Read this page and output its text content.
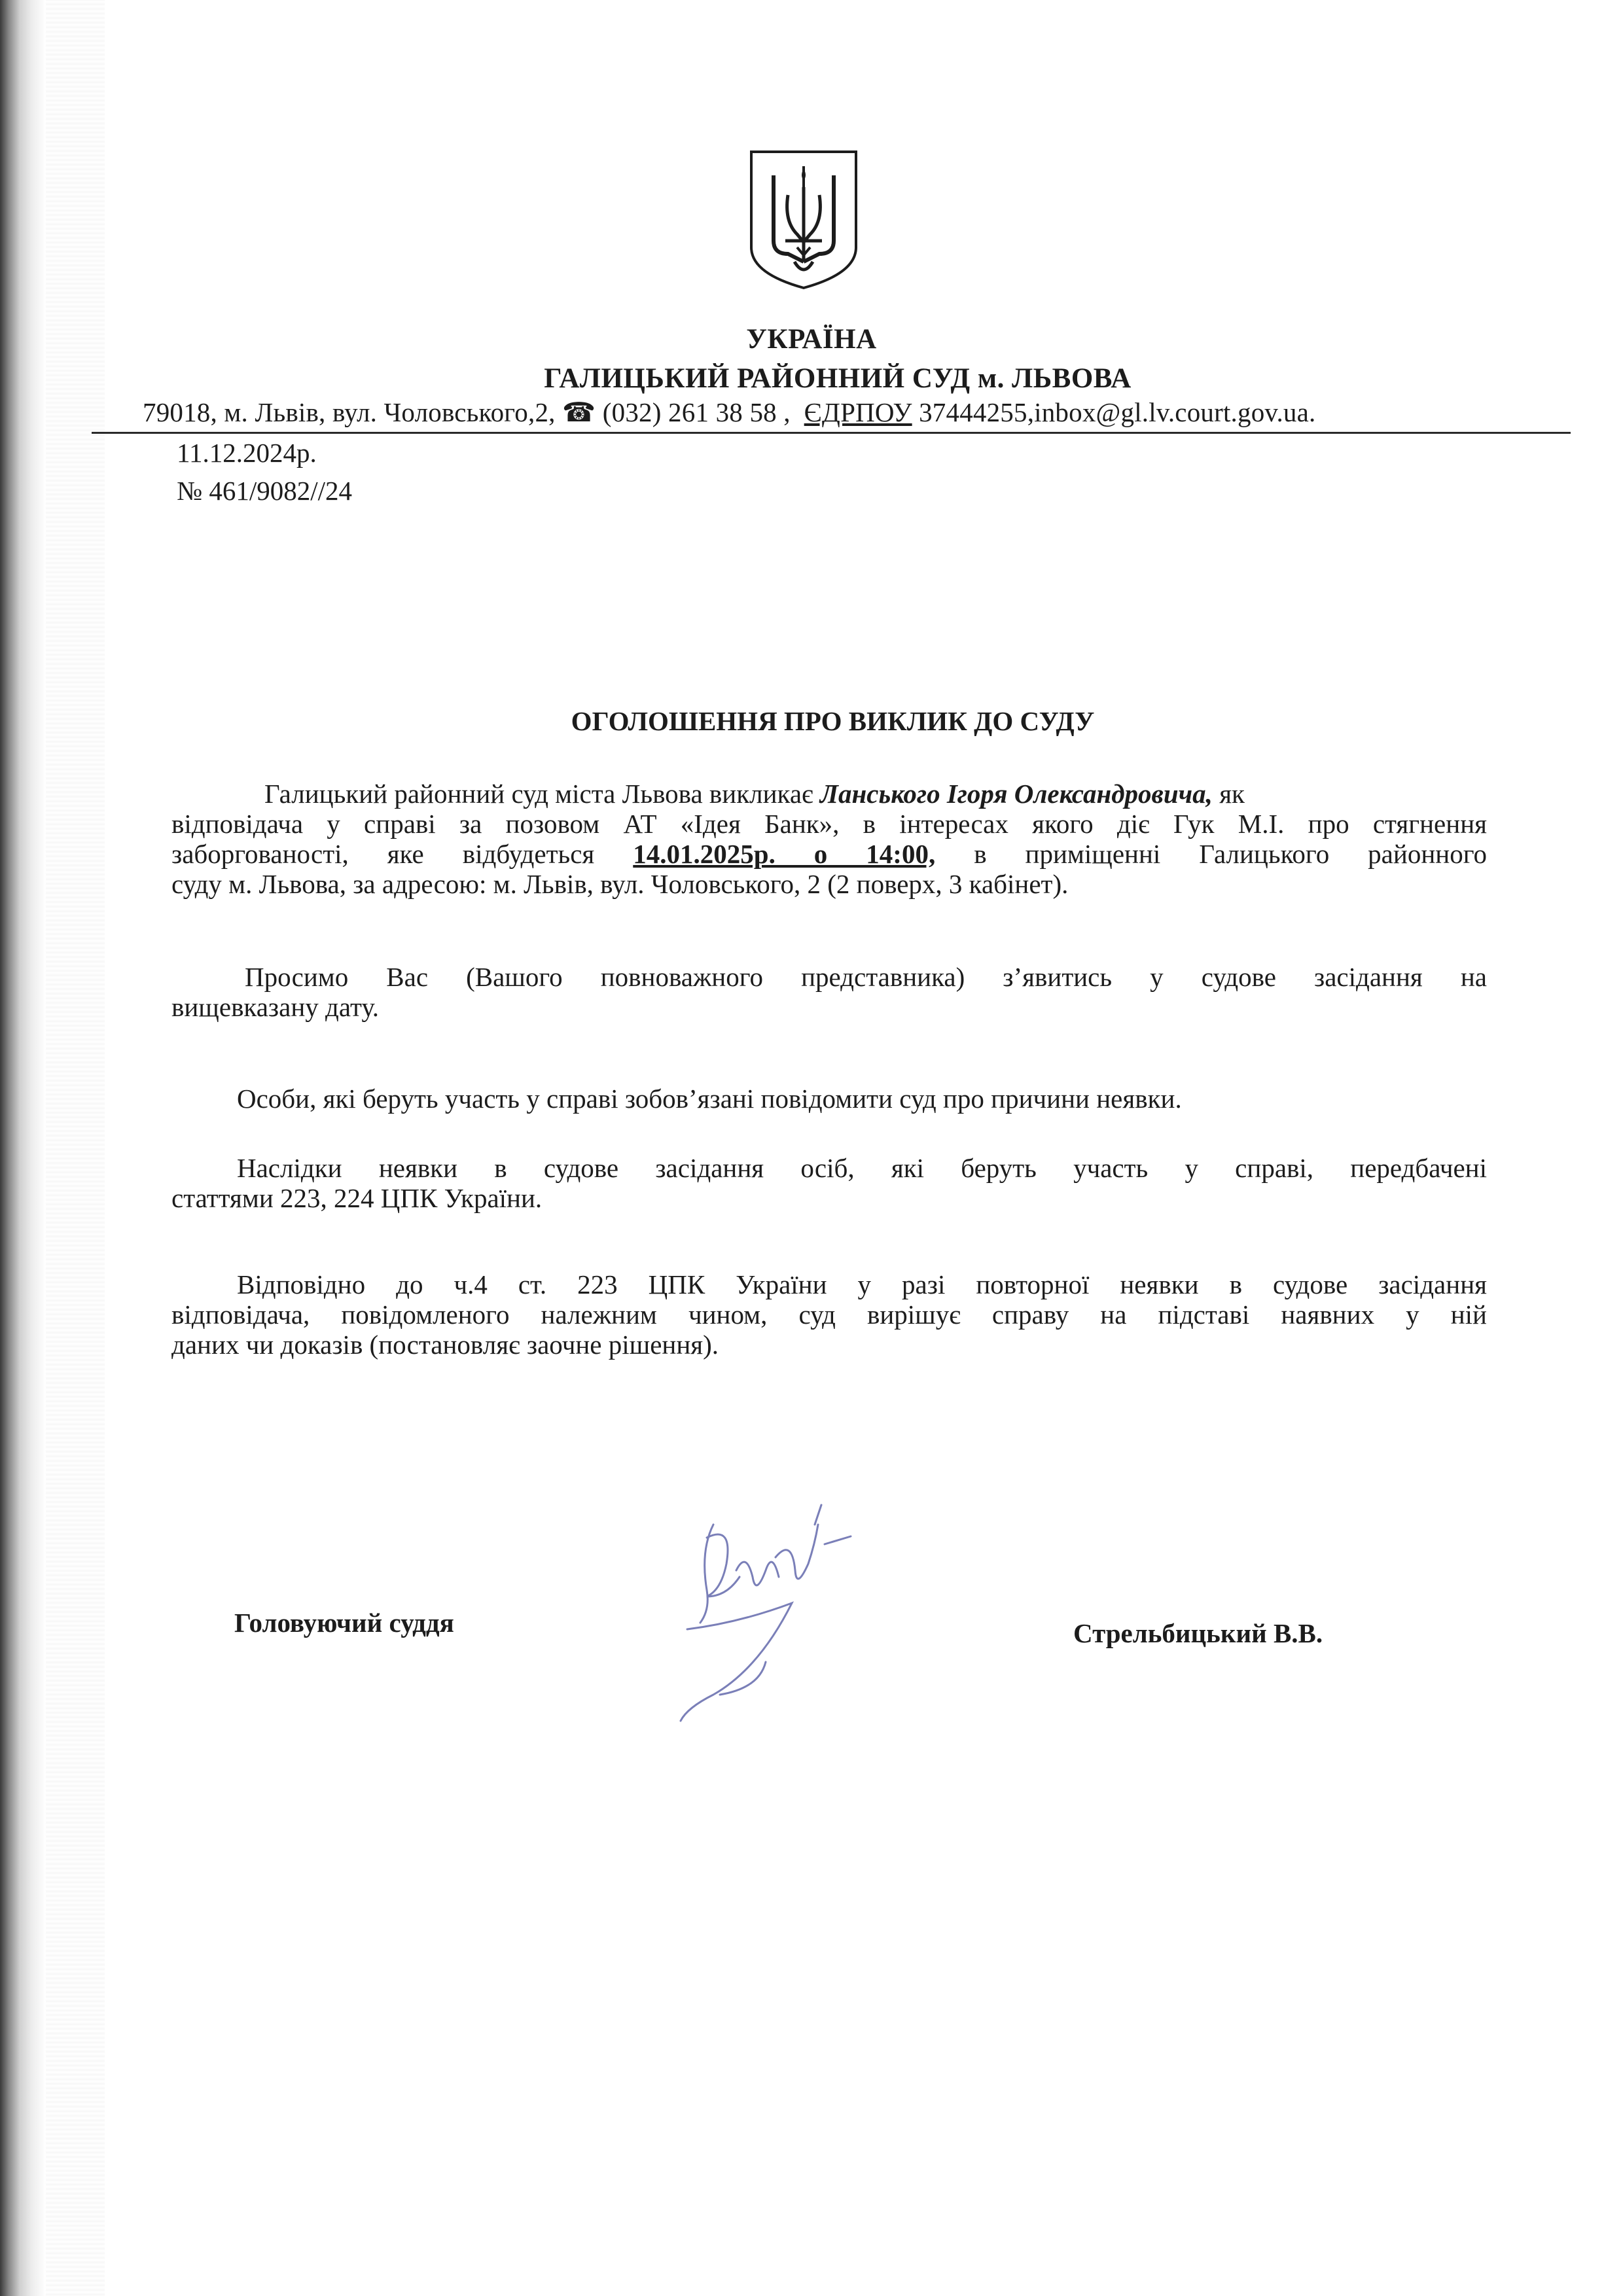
УКРАЇНА
ГАЛИЦЬКИЙ РАЙОННИЙ СУД м. ЛЬВОВА
79018, м. Львів, вул. Чоловського,2, ☎ (032) 261 38 58 , ЄДРПОУ 37444255,inbox@gl.lv.court.gov.ua.
11.12.2024р.
№ 461/9082//24
ОГОЛОШЕННЯ ПРО ВИКЛИК ДО СУДУ
Галицький районний суд міста Львова викликає Ланського Ігоря Олександровича, як
відповідача у справі за позовом АТ «Ідея Банк», в інтересах якого діє Гук М.І. про стягнення
заборгованості, яке відбудеться 14.01.2025р. о 14:00, в приміщенні Галицького районного
суду м. Львова, за адресою: м. Львів, вул. Чоловського, 2 (2 поверх, 3 кабінет).
Просимо Вас (Вашого повноважного представника) з’явитись у судове засідання на
вищевказану дату.
Особи, які беруть участь у справі зобов’язані повідомити суд про причини неявки.
Наслідки неявки в судове засідання осіб, які беруть участь у справі, передбачені
статтями 223, 224 ЦПК України.
Відповідно до ч.4 ст. 223 ЦПК України у разі повторної неявки в судове засідання
відповідача, повідомленого належним чином, суд вирішує справу на підставі наявних у ній
даних чи доказів (постановляє заочне рішення).
Головуючий суддя	Стрельбицький В.В.
